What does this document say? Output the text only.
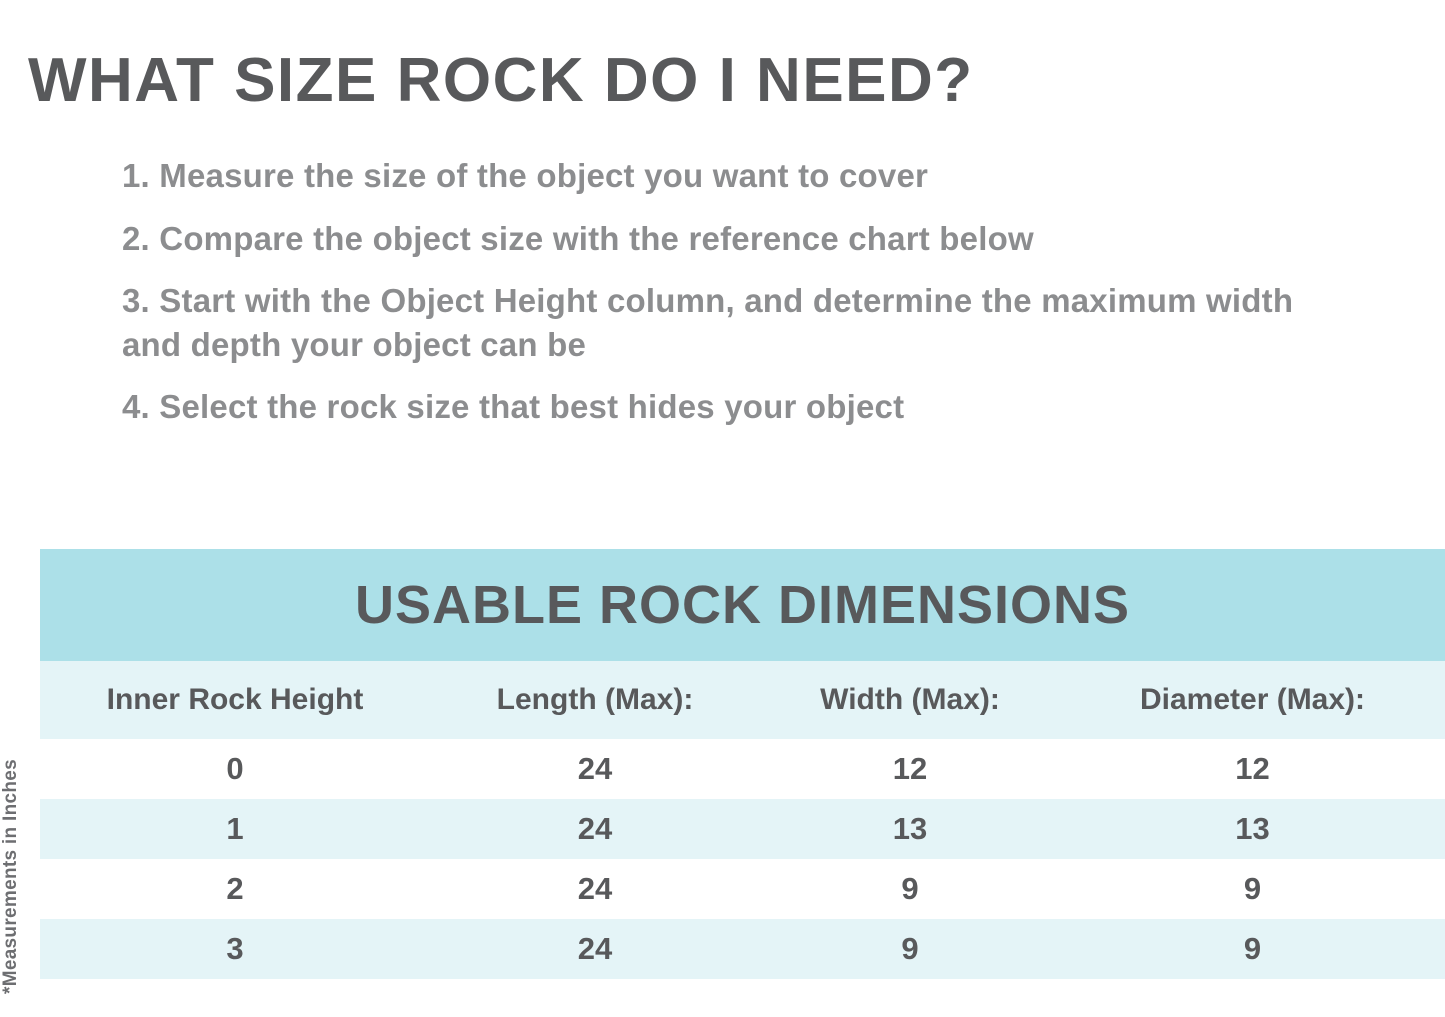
WHAT SIZE ROCK DO I NEED?
1. Measure the size of the object you want to cover
2. Compare the object size with the reference chart below
3. Start with the Object Height column, and determine the maximum width and depth your object can be
4. Select the rock size that best hides your object
*Measurements in Inches
USABLE ROCK DIMENSIONS
Inner Rock Height	Length (Max):	Width (Max):	Diameter (Max):
0	24	12	12
1	24	13	13
2	24	9	9
3	24	9	9
